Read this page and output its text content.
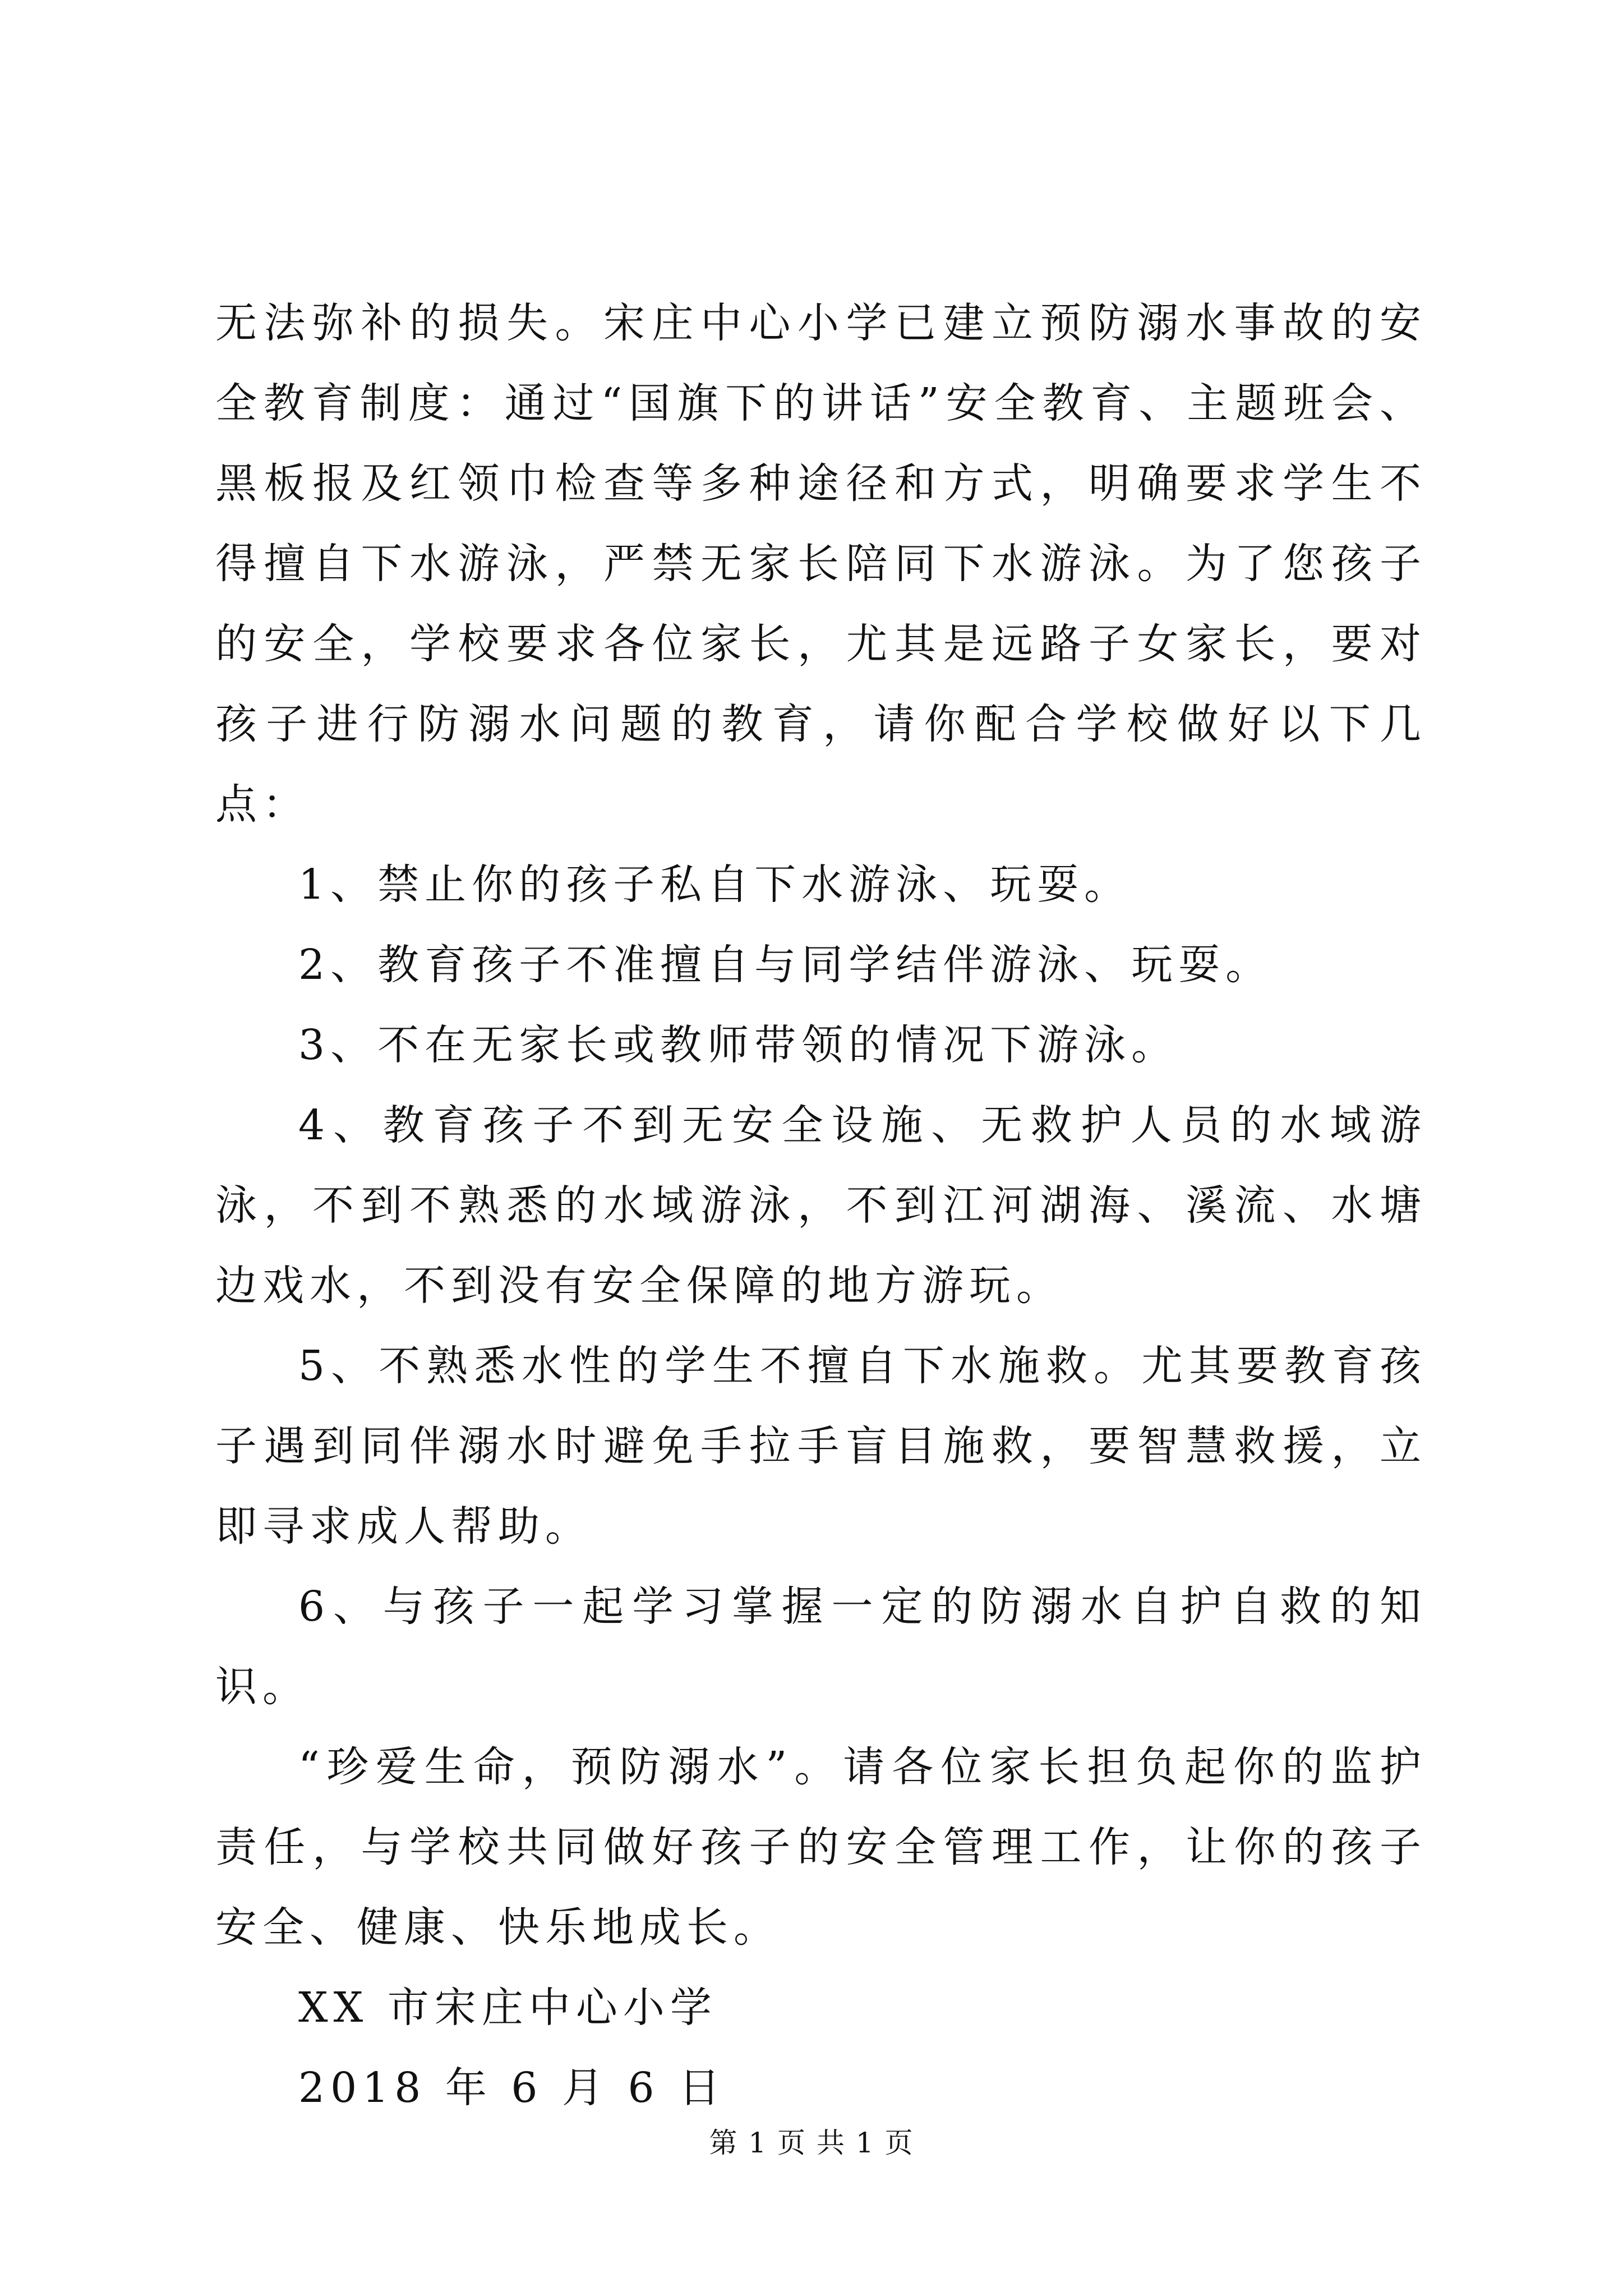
无法弥补的损失。宋庄中心小学已建立预防溺水事故的安全教育制度：通过“国旗下的讲话”安全教育、主题班会、黑板报及红领巾检查等多种途径和方式，明确要求学生不得擅自下水游泳，严禁无家长陪同下水游泳。为了您孩子的安全，学校要求各位家长，尤其是远路子女家长，要对孩子进行防溺水问题的教育，请你配合学校做好以下几点：

1、禁止你的孩子私自下水游泳、玩耍。

2、教育孩子不准擅自与同学结伴游泳、玩耍。

3、不在无家长或教师带领的情况下游泳。

4、教育孩子不到无安全设施、无救护人员的水域游泳，不到不熟悉的水域游泳，不到江河湖海、溪流、水塘边戏水，不到没有安全保障的地方游玩。

5、不熟悉水性的学生不擅自下水施救。尤其要教育孩子遇到同伴溺水时避免手拉手盲目施救，要智慧救援，立即寻求成人帮助。

6、与孩子一起学习掌握一定的防溺水自护自救的知识。

“珍爱生命，预防溺水”。请各位家长担负起你的监护责任，与学校共同做好孩子的安全管理工作，让你的孩子安全、健康、快乐地成长。

XX 市宋庄中心小学

2018 年 6 月 6 日

第 1 页 共 1 页
